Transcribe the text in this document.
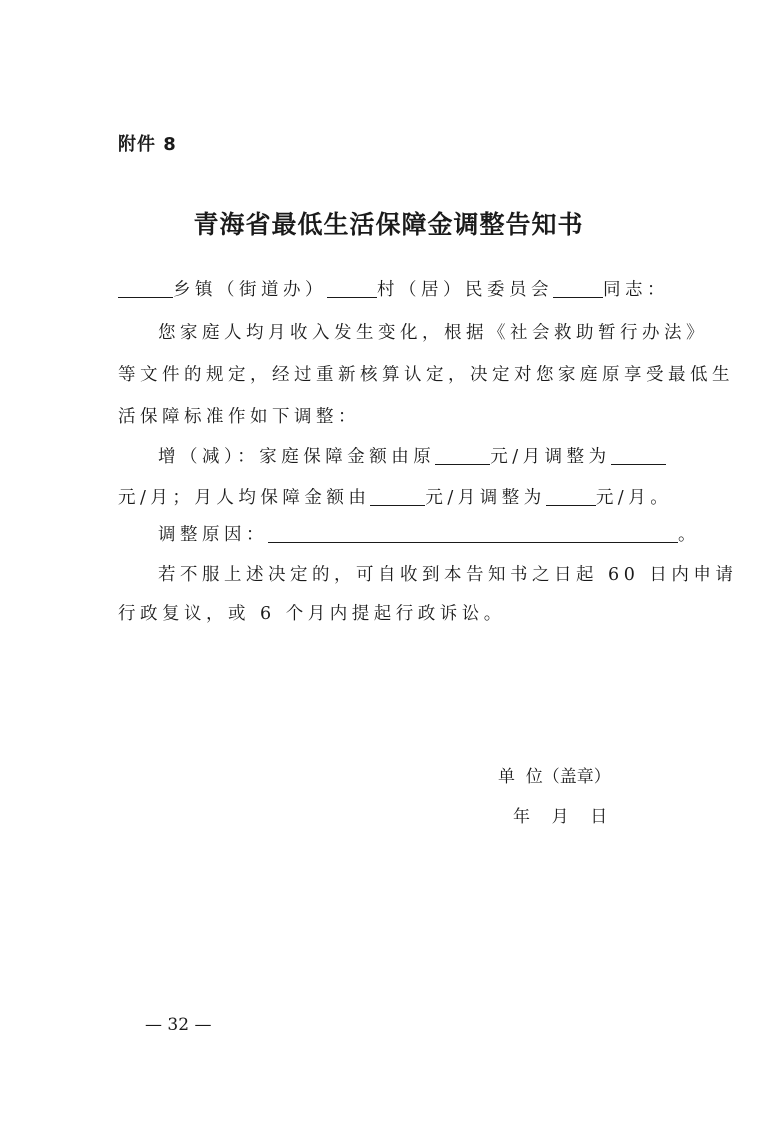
附件 8
青海省最低生活保障金调整告知书
乡镇（街道办）	村（居）民委员会	同志：
您家庭人均月收入发生变化，根据《社会救助暂行办法》
等文件的规定，经过重新核算认定，决定对您家庭原享受最低生
活保障标准作如下调整：
增（减）：家庭保障金额由原	元/月调整为
元/月；月人均保障金额由	元/月调整为	元/月。
调整原因：	。
若不服上述决定的，可自收到本告知书之日起 60 日内申请
行政复议，或 6 个月内提起行政诉讼。
单  位（盖章）
年    月    日
— 32 —
